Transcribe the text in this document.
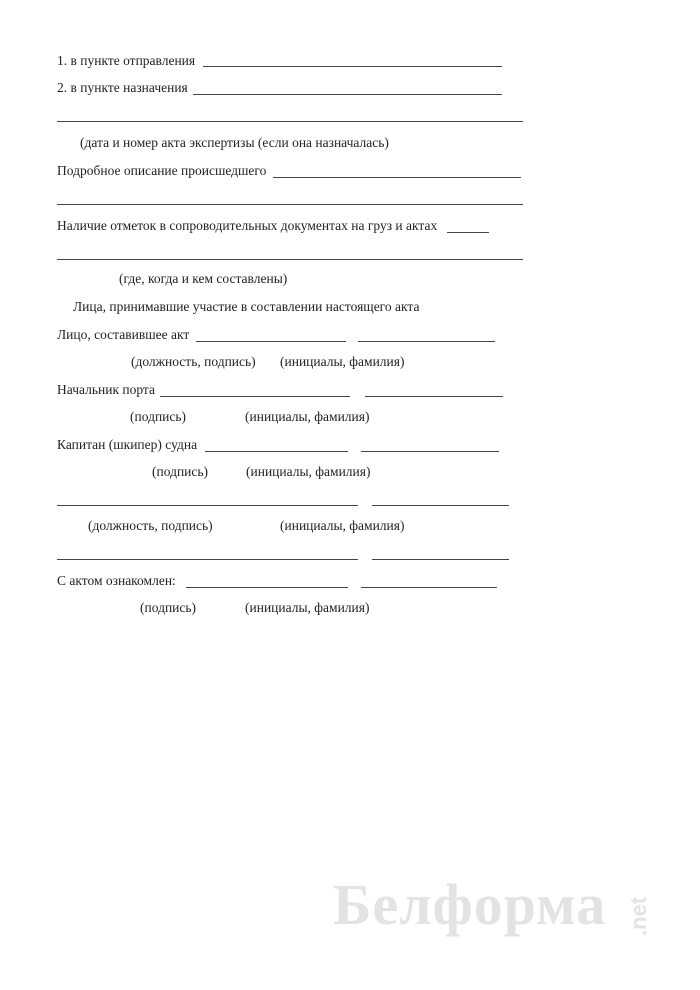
1. в пункте отправления
2. в пункте назначения
(дата и номер акта экспертизы (если она назначалась)
Подробное описание происшедшего
Наличие отметок в сопроводительных документах на груз и актах
(где, когда и кем составлены)
Лица, принимавшие участие в составлении настоящего акта
Лицо, составившее акт
(должность, подпись) (инициалы, фамилия)
Начальник порта
(подпись)	(инициалы, фамилия)
Капитан (шкипер) судна
(подпись)	(инициалы, фамилия)
(должность, подпись)	(инициалы, фамилия)
С актом ознакомлен:
(подпись)	(инициалы, фамилия)
Белформа .net
